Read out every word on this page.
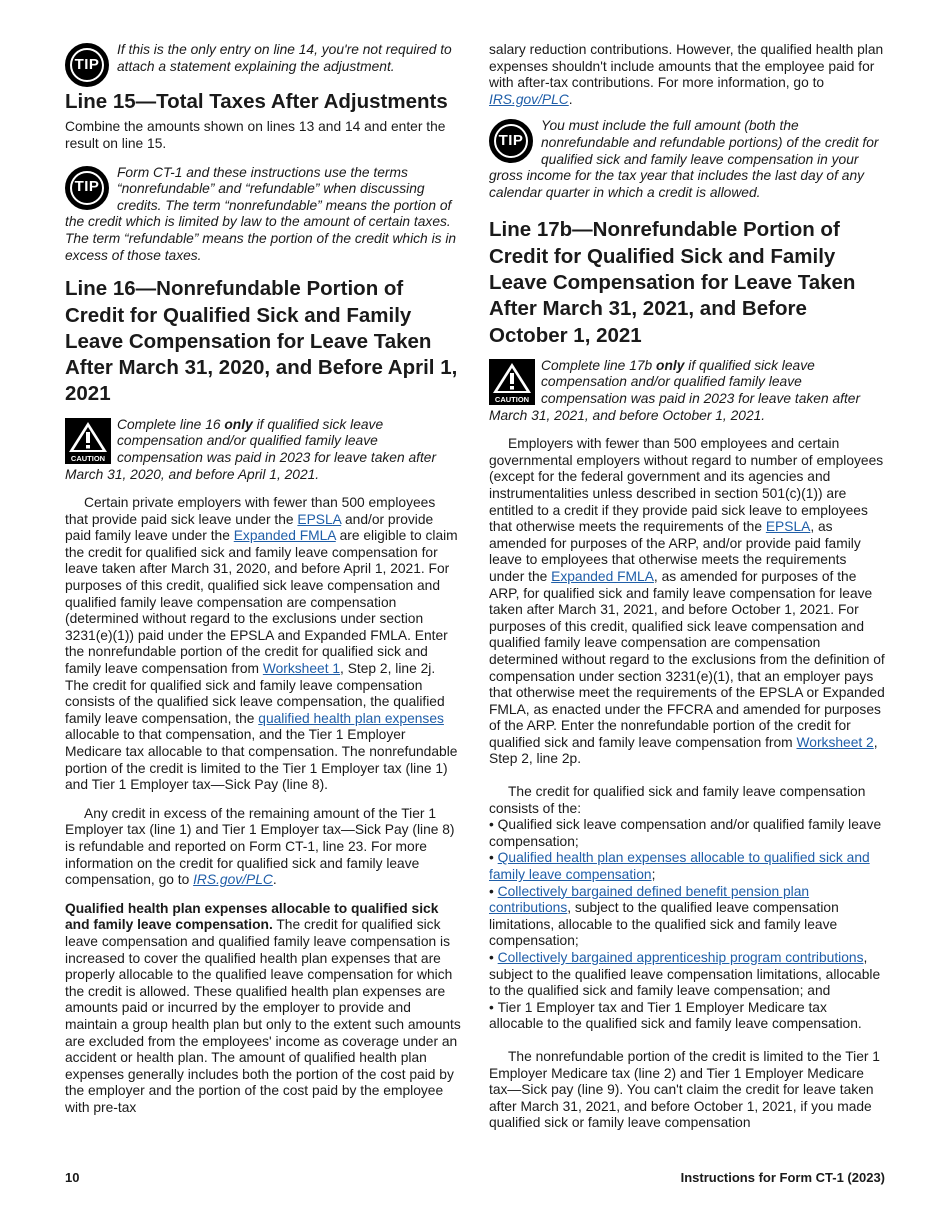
TIP
If this is the only entry on line 14, you're not required to attach a statement explaining the adjustment.
Line 15—Total Taxes After Adjustments

Combine the amounts shown on lines 13 and 14 and enter the result on line 15.

TIP
Form CT-1 and these instructions use the terms “nonrefundable” and “refundable” when discussing credits. The term “nonrefundable” means the portion of the credit which is limited by law to the amount of certain taxes. The term “refundable” means the portion of the credit which is in excess of those taxes.
Line 16—Nonrefundable Portion of Credit for Qualified Sick and Family Leave Compensation for Leave Taken After March 31, 2020, and Before April 1, 2021
CAUTION
Complete line 16 only if qualified sick leave compensation and/or qualified family leave compensation was paid in 2023 for leave taken after March 31, 2020, and before April 1, 2021.

Certain private employers with fewer than 500 employees that provide paid sick leave under the EPSLA and/or provide paid family leave under the Expanded FMLA are eligible to claim the credit for qualified sick and family leave compensation for leave taken after March 31, 2020, and before April 1, 2021. For purposes of this credit, qualified sick leave compensation and qualified family leave compensation are compensation (determined without regard to the exclusions under section 3231(e)(1)) paid under the EPSLA and Expanded FMLA. Enter the nonrefundable portion of the credit for qualified sick and family leave compensation from Worksheet 1, Step 2, line 2j. The credit for qualified sick and family leave compensation consists of the qualified sick leave compensation, the qualified family leave compensation, the qualified health plan expenses allocable to that compensation, and the Tier 1 Employer Medicare tax allocable to that compensation. The nonrefundable portion of the credit is limited to the Tier 1 Employer tax (line 1) and Tier 1 Employer tax—Sick Pay (line 8).

Any credit in excess of the remaining amount of the Tier 1 Employer tax (line 1) and Tier 1 Employer tax—Sick Pay (line 8) is refundable and reported on Form CT-1, line 23. For more information on the credit for qualified sick and family leave compensation, go to IRS.gov/PLC.

Qualified health plan expenses allocable to qualified sick and family leave compensation. The credit for qualified sick leave compensation and qualified family leave compensation is increased to cover the qualified health plan expenses that are properly allocable to the qualified leave compensation for which the credit is allowed. These qualified health plan expenses are amounts paid or incurred by the employer to provide and maintain a group health plan but only to the extent such amounts are excluded from the employees' income as coverage under an accident or health plan. The amount of qualified health plan expenses generally includes both the portion of the cost paid by the employer and the portion of the cost paid by the employee with pre-tax

salary reduction contributions. However, the qualified health plan expenses shouldn't include amounts that the employee paid for with after-tax contributions. For more information, go to IRS.gov/PLC.

TIP
You must include the full amount (both the nonrefundable and refundable portions) of the credit for qualified sick and family leave compensation in your gross income for the tax year that includes the last day of any calendar quarter in which a credit is allowed.
Line 17b—Nonrefundable Portion of Credit for Qualified Sick and Family Leave Compensation for Leave Taken After March 31, 2021, and Before October 1, 2021
CAUTION
Complete line 17b only if qualified sick leave compensation and/or qualified family leave compensation was paid in 2023 for leave taken after March 31, 2021, and before October 1, 2021.

Employers with fewer than 500 employees and certain governmental employers without regard to number of employees (except for the federal government and its agencies and instrumentalities unless described in section 501(c)(1)) are entitled to a credit if they provide paid sick leave to employees that otherwise meets the requirements of the EPSLA, as amended for purposes of the ARP, and/or provide paid family leave to employees that otherwise meets the requirements under the Expanded FMLA, as amended for purposes of the ARP, for qualified sick and family leave compensation for leave taken after March 31, 2021, and before October 1, 2021. For purposes of this credit, qualified sick leave compensation and qualified family leave compensation are compensation determined without regard to the exclusions from the definition of compensation under section 3231(e)(1), that an employer pays that otherwise meet the requirements of the EPSLA or Expanded FMLA, as enacted under the FFCRA and amended for purposes of the ARP. Enter the nonrefundable portion of the credit for qualified sick and family leave compensation from Worksheet 2, Step 2, line 2p.

The credit for qualified sick and family leave compensation consists of the:

• Qualified sick leave compensation and/or qualified family leave compensation;

• Qualified health plan expenses allocable to qualified sick and family leave compensation;

• Collectively bargained defined benefit pension plan contributions, subject to the qualified leave compensation limitations, allocable to the qualified sick and family leave compensation;

• Collectively bargained apprenticeship program contributions, subject to the qualified leave compensation limitations, allocable to the qualified sick and family leave compensation; and

• Tier 1 Employer tax and Tier 1 Employer Medicare tax allocable to the qualified sick and family leave compensation.

The nonrefundable portion of the credit is limited to the Tier 1 Employer Medicare tax (line 2) and Tier 1 Employer Medicare tax—Sick pay (line 9). You can't claim the credit for leave taken after March 31, 2021, and before October 1, 2021, if you made qualified sick or family leave compensation

10	Instructions for Form CT-1 (2023)
